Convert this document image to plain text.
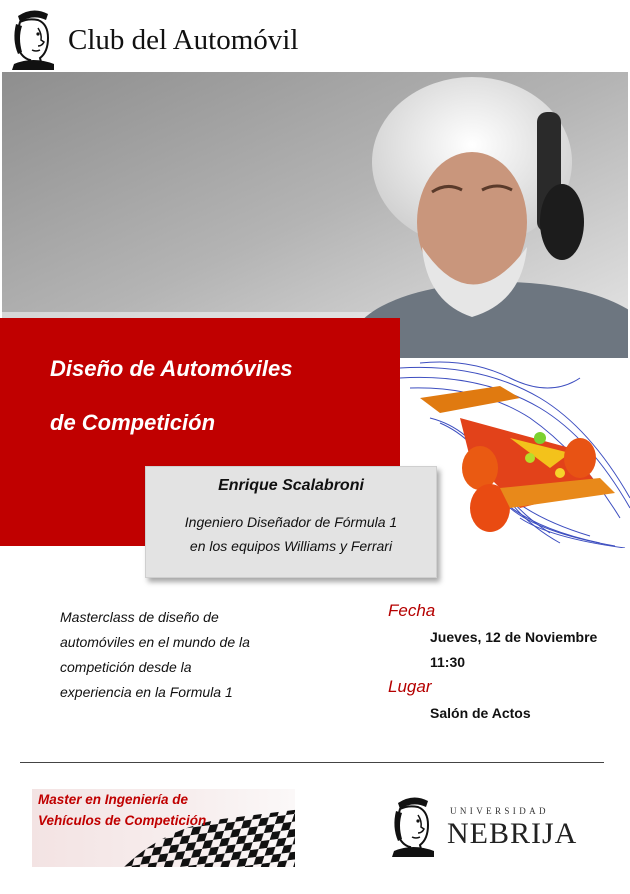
Club del Automóvil
Diseño de Automóviles
de Competición
Enrique Scalabroni
Ingeniero Diseñador de Fórmula 1
en los equipos Williams y Ferrari
Masterclass de diseño de
automóviles en el mundo de la
competición desde la
experiencia en la Formula 1
Fecha
Jueves, 12 de Noviembre
11:30
Lugar
Salón de Actos
Master en Ingeniería de
Vehículos de Competición
UNIVERSIDAD
NEBRIJA
